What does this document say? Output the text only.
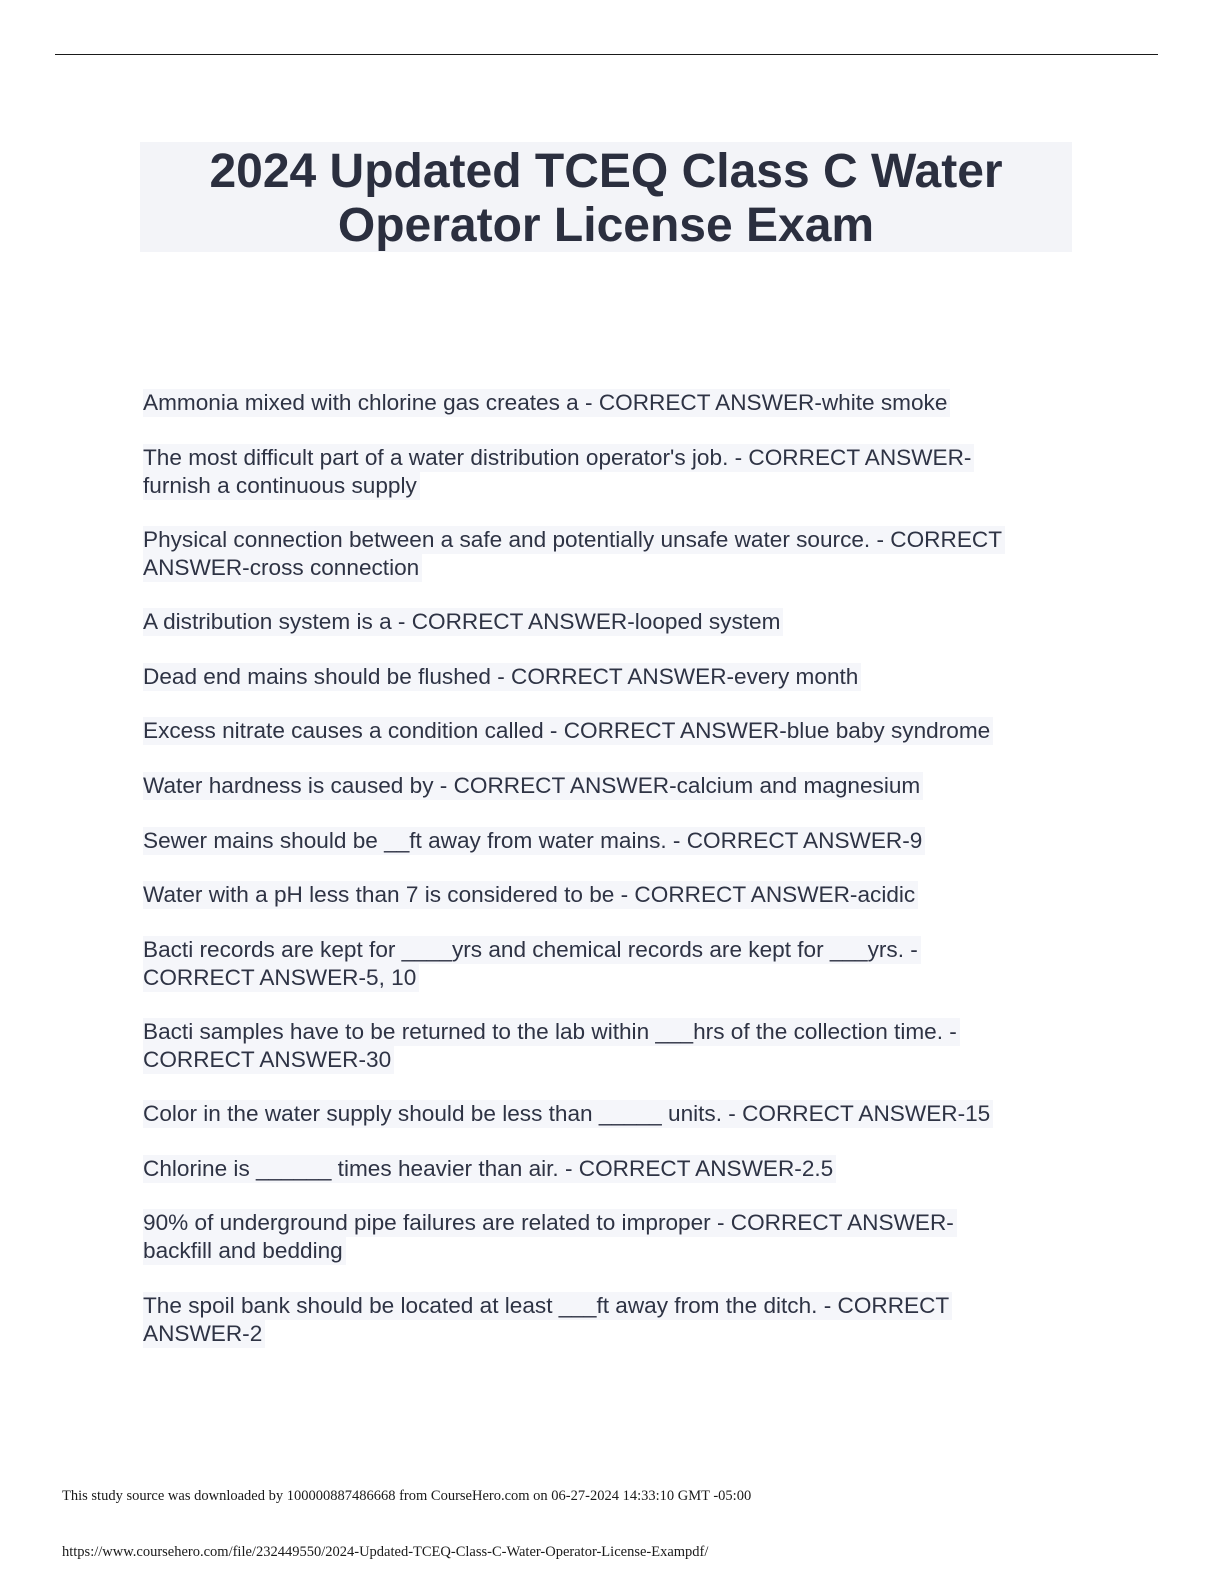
2024 Updated TCEQ Class C Water
Operator License Exam
Ammonia mixed with chlorine gas creates a - CORRECT ANSWER-white smoke
The most difficult part of a water distribution operator's job. - CORRECT ANSWER-
furnish a continuous supply
Physical connection between a safe and potentially unsafe water source. - CORRECT
ANSWER-cross connection
A distribution system is a - CORRECT ANSWER-looped system
Dead end mains should be flushed - CORRECT ANSWER-every month
Excess nitrate causes a condition called - CORRECT ANSWER-blue baby syndrome
Water hardness is caused by - CORRECT ANSWER-calcium and magnesium
Sewer mains should be __ft away from water mains. - CORRECT ANSWER-9
Water with a pH less than 7 is considered to be - CORRECT ANSWER-acidic
Bacti records are kept for ____yrs and chemical records are kept for ___yrs. -
CORRECT ANSWER-5, 10
Bacti samples have to be returned to the lab within ___hrs of the collection time. -
CORRECT ANSWER-30
Color in the water supply should be less than _____ units. - CORRECT ANSWER-15
Chlorine is ______ times heavier than air. - CORRECT ANSWER-2.5
90% of underground pipe failures are related to improper - CORRECT ANSWER-
backfill and bedding
The spoil bank should be located at least ___ft away from the ditch. - CORRECT
ANSWER-2
This study source was downloaded by 100000887486668 from CourseHero.com on 06-27-2024 14:33:10 GMT -05:00
https://www.coursehero.com/file/232449550/2024-Updated-TCEQ-Class-C-Water-Operator-License-Exampdf/
